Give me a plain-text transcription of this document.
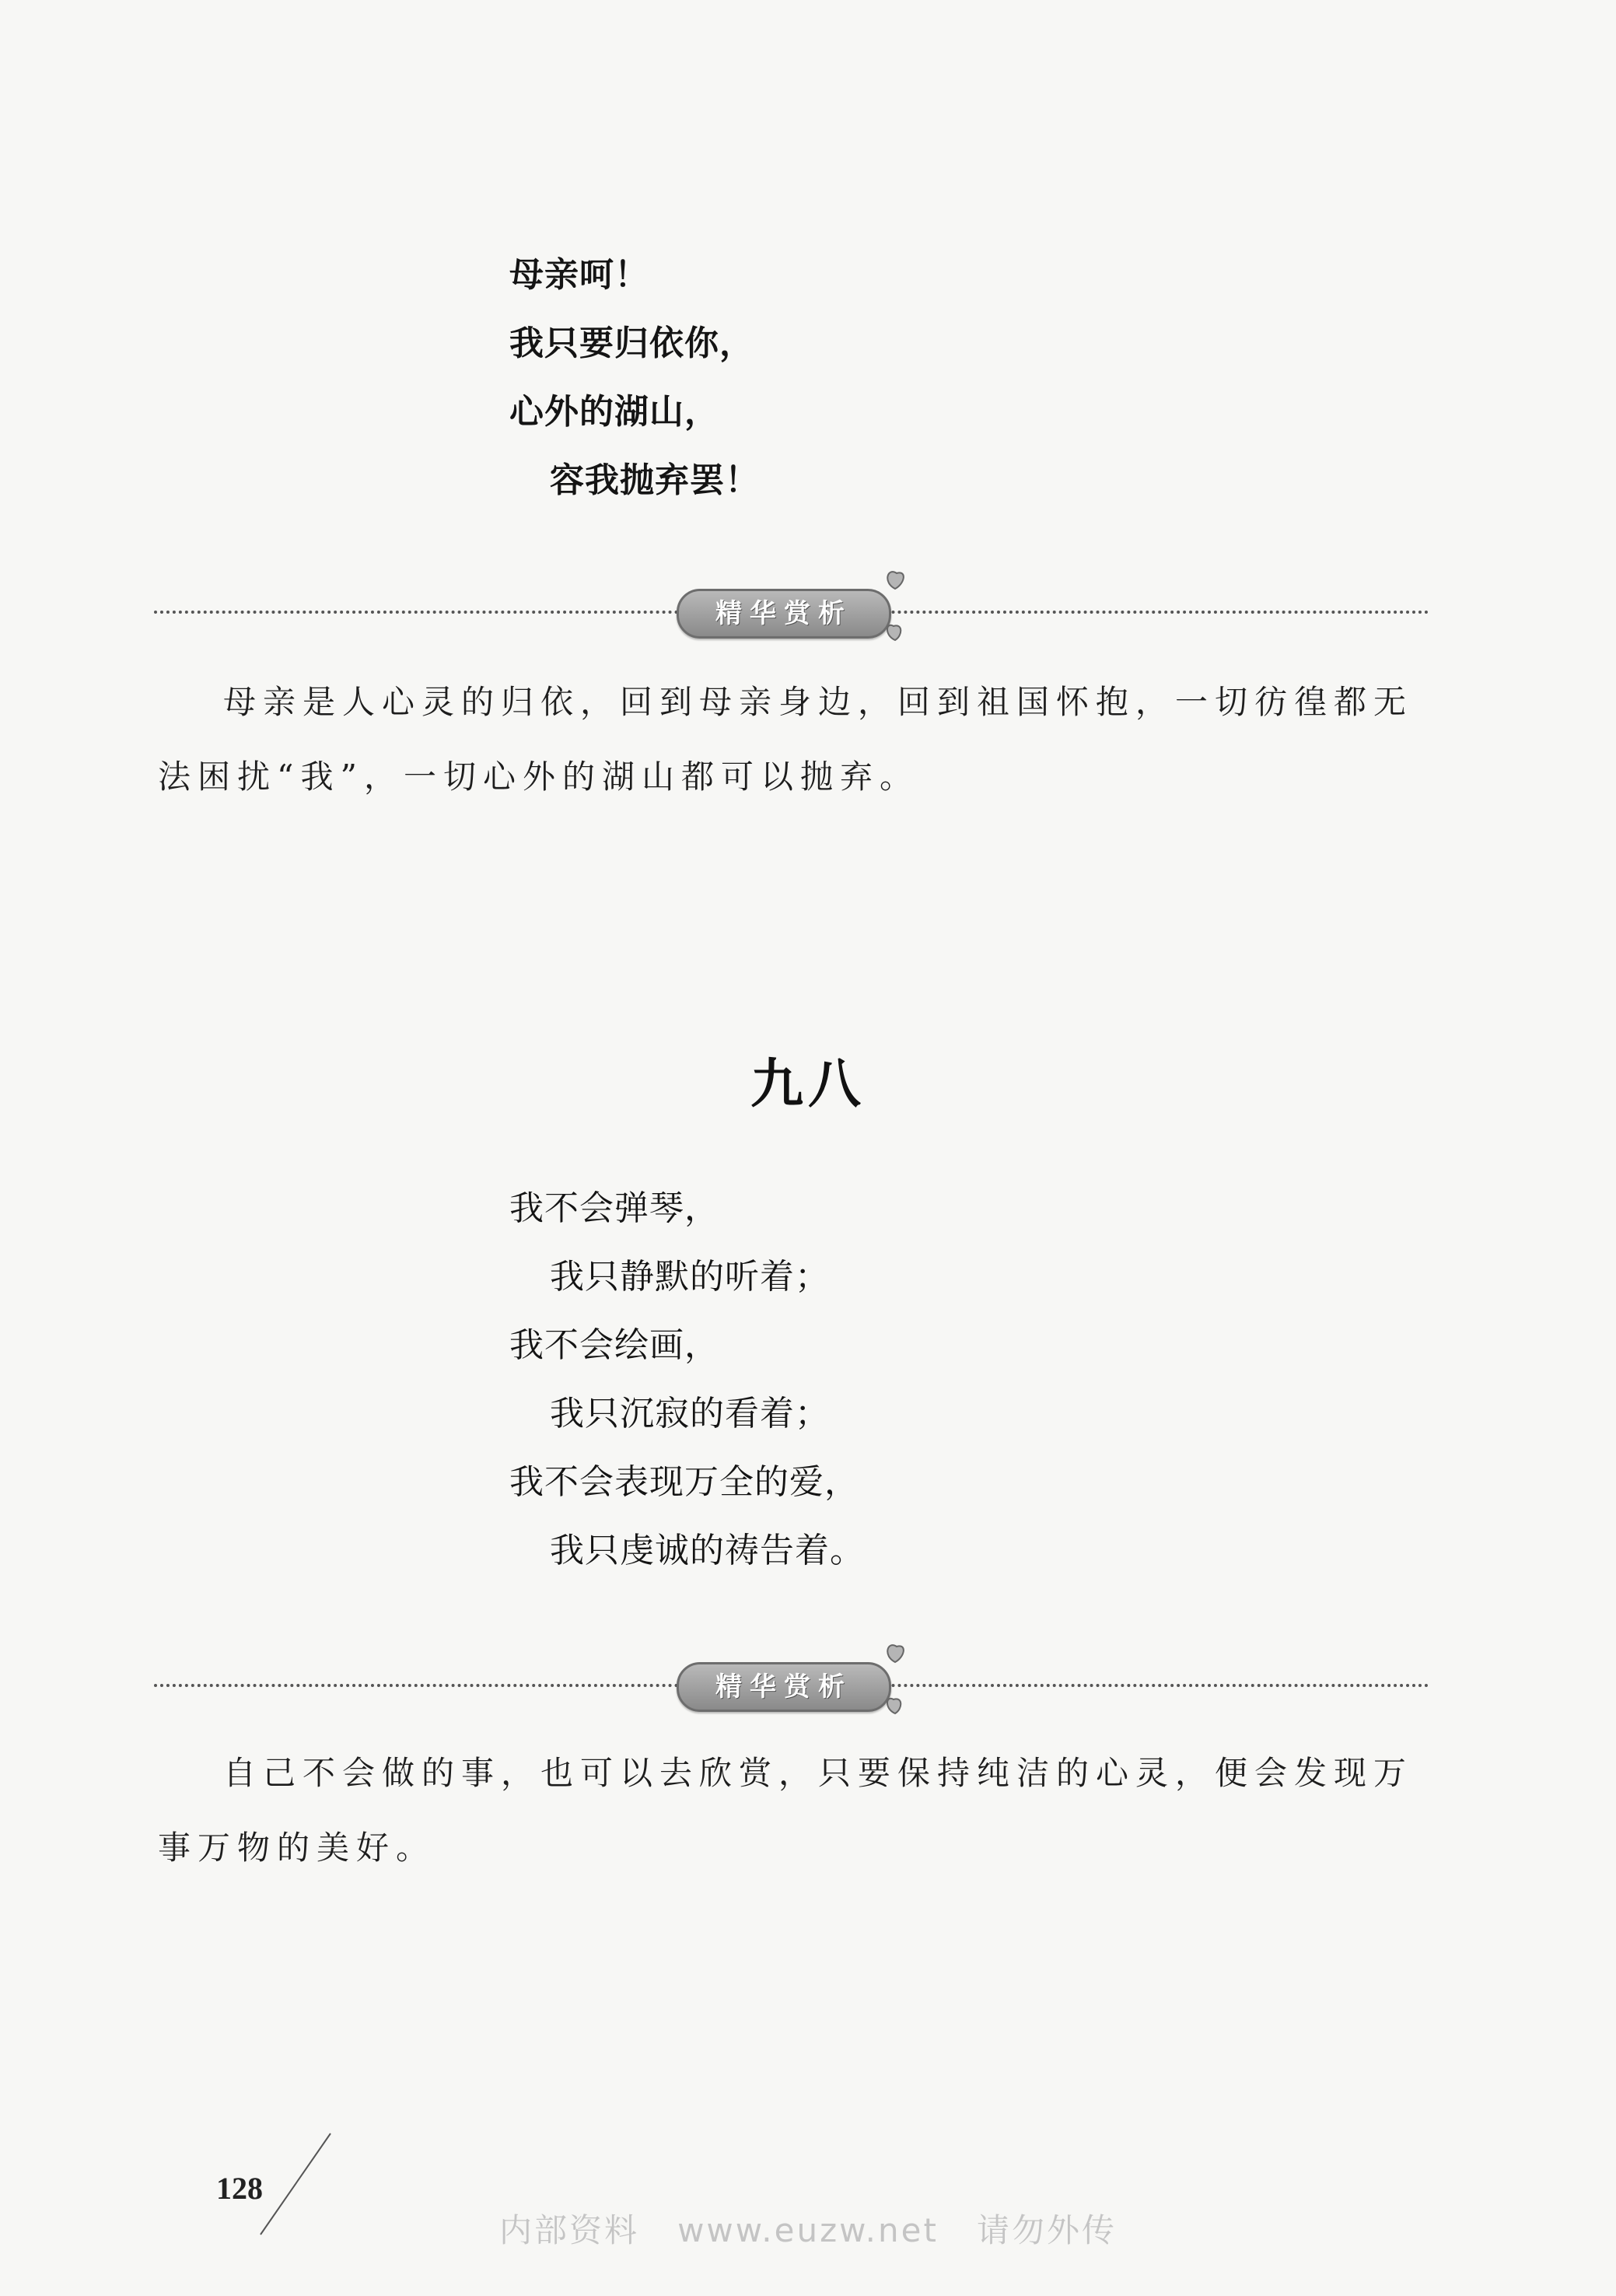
母亲呵！
我只要归依你，
心外的湖山，
容我抛弃罢！
精华赏析

母亲是人心灵的归依，回到母亲身边，回到祖国怀抱，一切彷徨都无法困扰“我”，一切心外的湖山都可以抛弃。

九八
我不会弹琴，
我只静默的听着；
我不会绘画，
我只沉寂的看着；
我不会表现万全的爱，
我只虔诚的祷告着。
精华赏析

自己不会做的事，也可以去欣赏，只要保持纯洁的心灵，便会发现万事万物的美好。

128
内部资料   www.euzw.net   请勿外传
